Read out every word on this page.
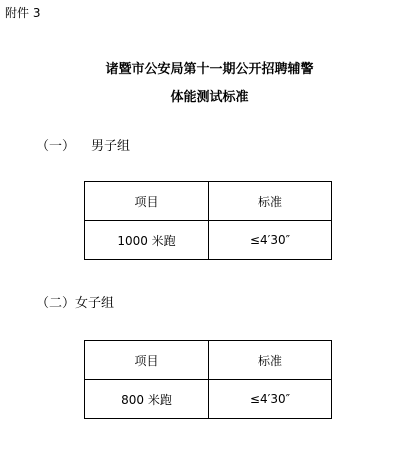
附件 3
诸暨市公安局第十一期公开招聘辅警
体能测试标准
（一） 男子组
项目	标准
1000 米跑	≤4′30″
（二）女子组
项目	标准
800 米跑	≤4′30″
